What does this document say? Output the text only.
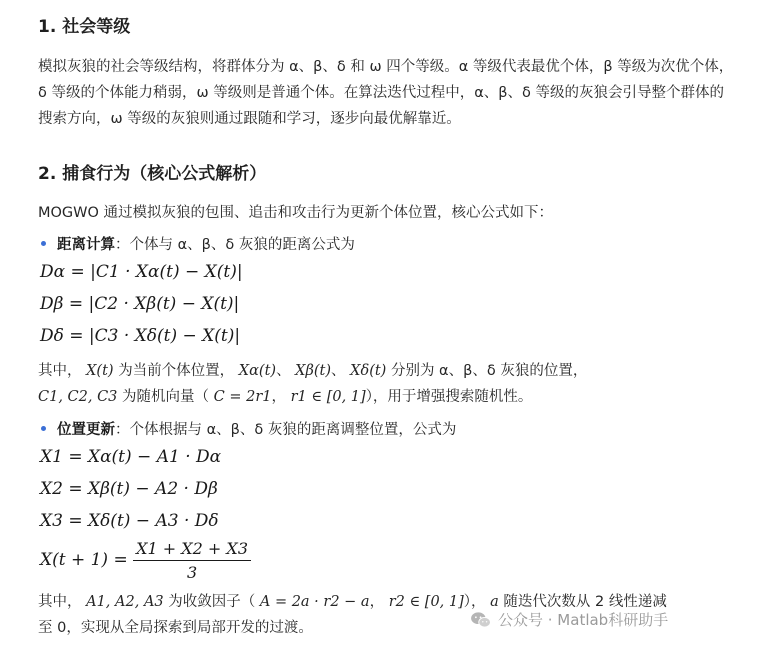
1. 社会等级
模拟灰狼的社会等级结构，将群体分为 α、β、δ 和 ω 四个等级。α 等级代表最优个体，β 等级为次优个体，δ 等级的个体能力稍弱，ω 等级则是普通个体。在算法迭代过程中，α、β、δ 等级的灰狼会引导整个群体的搜索方向，ω 等级的灰狼则通过跟随和学习，逐步向最优解靠近。
2. 捕食行为（核心公式解析）
MOGWO 通过模拟灰狼的包围、追击和攻击行为更新个体位置，核心公式如下：
距离计算：个体与 α、β、δ 灰狼的距离公式为
Dα = |C1 · Xα(t) − X(t)|
Dβ = |C2 · Xβ(t) − X(t)|
Dδ = |C3 · Xδ(t) − X(t)|
其中， X(t) 为当前个体位置， Xα(t)、 Xβ(t)、 Xδ(t) 分别为 α、β、δ 灰狼的位置，
C1, C2, C3 为随机向量（ C = 2r1， r1 ∈ [0, 1]），用于增强搜索随机性。
位置更新：个体根据与 α、β、δ 灰狼的距离调整位置，公式为
X1 = Xα(t) − A1 · Dα
X2 = Xβ(t) − A2 · Dβ
X3 = Xδ(t) − A3 · Dδ
$X(t + 1) = \frac{X1 + X2 + X3}{3}$
其中， A1, A2, A3 为收敛因子（ A = 2a · r2 − a， r2 ∈ [0, 1]）， a 随迭代次数从 2 线性递减
至 0，实现从全局探索到局部开发的过渡。	公众号 · Matlab科研助手
